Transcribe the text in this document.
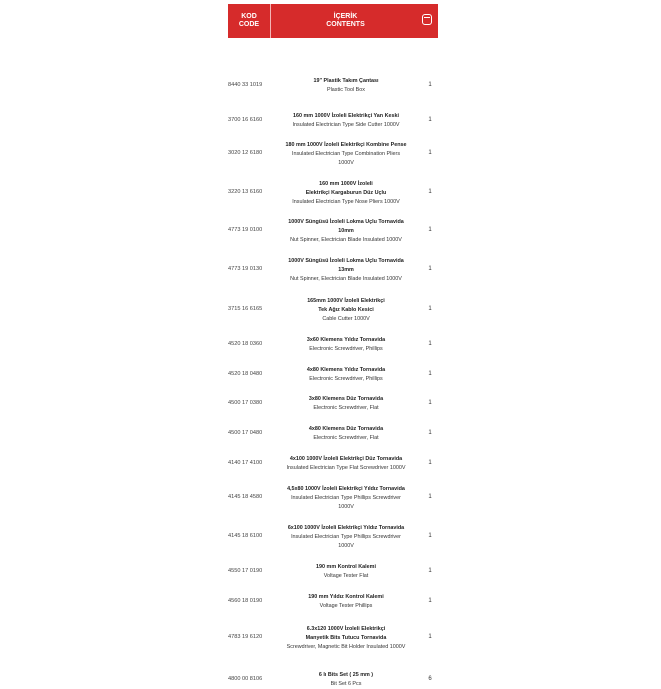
KOD
CODE
İÇERİK
CONTENTS
8440 33 1019
19" Plastik Takım Çantası
Plastic Tool Box
1
3700 16 6160
160 mm 1000V İzoleli Elektrikçi Yan Keski
Insulated Electrician Type Side Cutter 1000V
1
3020 12 6180
180 mm 1000V İzoleli Elektrikçi Kombine Pense
Insulated Electrician Type Combination Pliers
1000V
1
3220 13 6160
160 mm 1000V İzoleli
Elektrikçi Kargaburun Düz Uçlu
Insulated Electrician Type Nose Pliers 1000V
1
4773 19 0100
1000V Süngüsü İzoleli Lokma Uçlu Tornavida
10mm
Nut Spinner, Electrician Blade Insulated 1000V
1
4773 19 0130
1000V Süngüsü İzoleli Lokma Uçlu Tornavida
13mm
Nut Spinner, Electrician Blade Insulated 1000V
1
3715 16 6165
165mm 1000V İzoleli Elektrikçi
Tek Ağız Kablo Kesici
Cable Cutter 1000V
1
4520 18 0360
3x60 Klemens Yıldız Tornavida
Electronic Screwdriver, Phillips
1
4520 18 0480
4x80 Klemens Yıldız Tornavida
Electronic Screwdriver, Phillips
1
4500 17 0380
3x80 Klemens Düz Tornavida
Electronic Screwdriver, Flat
1
4500 17 0480
4x80 Klemens Düz Tornavida
Electronic Screwdriver, Flat
1
4140 17 4100
4x100 1000V İzoleli Elektrikçi Düz Tornavida
Insulated Electrician Type Flat Screwdriver 1000V
1
4145 18 4580
4,5x80 1000V İzoleli Elektrikçi Yıldız Tornavida
Insulated Electrician Type Phillips Screwdriver
1000V
1
4145 18 6100
6x100 1000V İzoleli Elektrikçi Yıldız Tornavida
Insulated Electrician Type Phillips Screwdriver
1000V
1
4550 17 0190
190 mm Kontrol Kalemi
Voltage Tester Flat
1
4560 18 0190
190 mm Yıldız Kontrol Kalemi
Voltage Tester Phillips
1
4783 19 6120
6.3x120 1000V İzoleli Elektrikçi
Manyetik Bits Tutucu Tornavida
Screwdriver, Magnetic Bit Holder Insulated 1000V
1
4800 00 8106
6 lı Bits Set ( 25 mm )
Bit Set 6 Pcs
6
